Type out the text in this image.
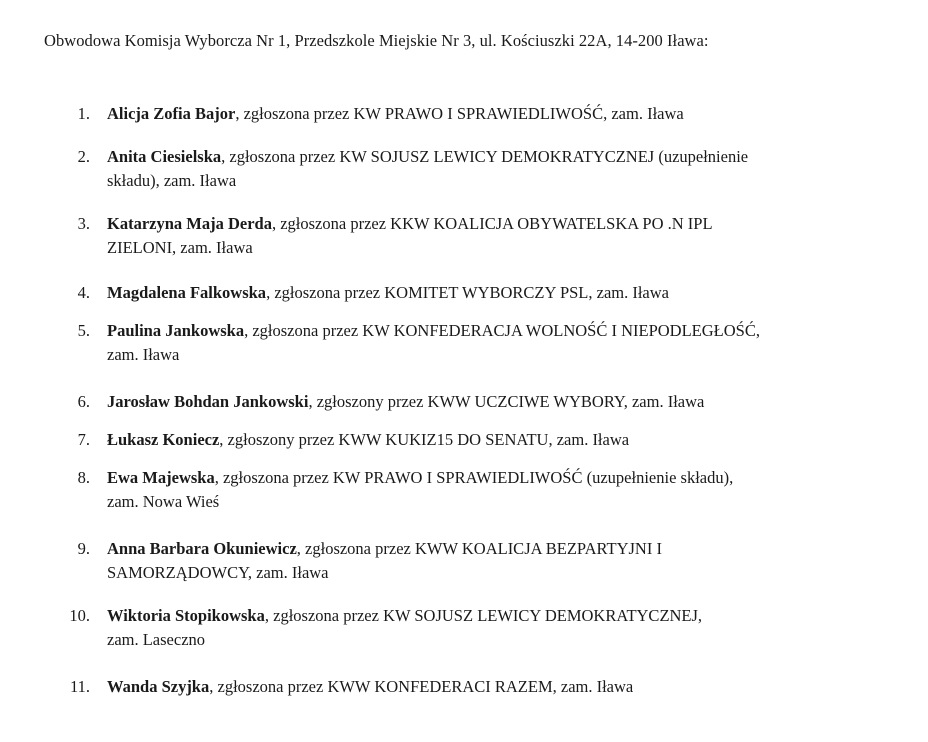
Obwodowa Komisja Wyborcza Nr 1, Przedszkole Miejskie Nr 3, ul. Kościuszki 22A, 14-200 Iława:
1. Alicja Zofia Bajor, zgłoszona przez KW PRAWO I SPRAWIEDLIWOŚĆ, zam. Iława
2. Anita Ciesielska, zgłoszona przez KW SOJUSZ LEWICY DEMOKRATYCZNEJ (uzupełnienie
składu), zam. Iława
3. Katarzyna Maja Derda, zgłoszona przez KKW KOALICJA OBYWATELSKA PO .N IPL
ZIELONI, zam. Iława
4. Magdalena Falkowska, zgłoszona przez KOMITET WYBORCZY PSL, zam. Iława
5. Paulina Jankowska, zgłoszona przez KW KONFEDERACJA WOLNOŚĆ I NIEPODLEGŁOŚĆ,
zam. Iława
6. Jarosław Bohdan Jankowski, zgłoszony przez KWW UCZCIWE WYBORY, zam. Iława
7. Łukasz Koniecz, zgłoszony przez KWW KUKIZ15 DO SENATU, zam. Iława
8. Ewa Majewska, zgłoszona przez KW PRAWO I SPRAWIEDLIWOŚĆ (uzupełnienie składu),
zam. Nowa Wieś
9. Anna Barbara Okuniewicz, zgłoszona przez KWW KOALICJA BEZPARTYJNI I
SAMORZĄDOWCY, zam. Iława
10. Wiktoria Stopikowska, zgłoszona przez KW SOJUSZ LEWICY DEMOKRATYCZNEJ,
zam. Laseczno
11. Wanda Szyjka, zgłoszona przez KWW KONFEDERACI RAZEM, zam. Iława
